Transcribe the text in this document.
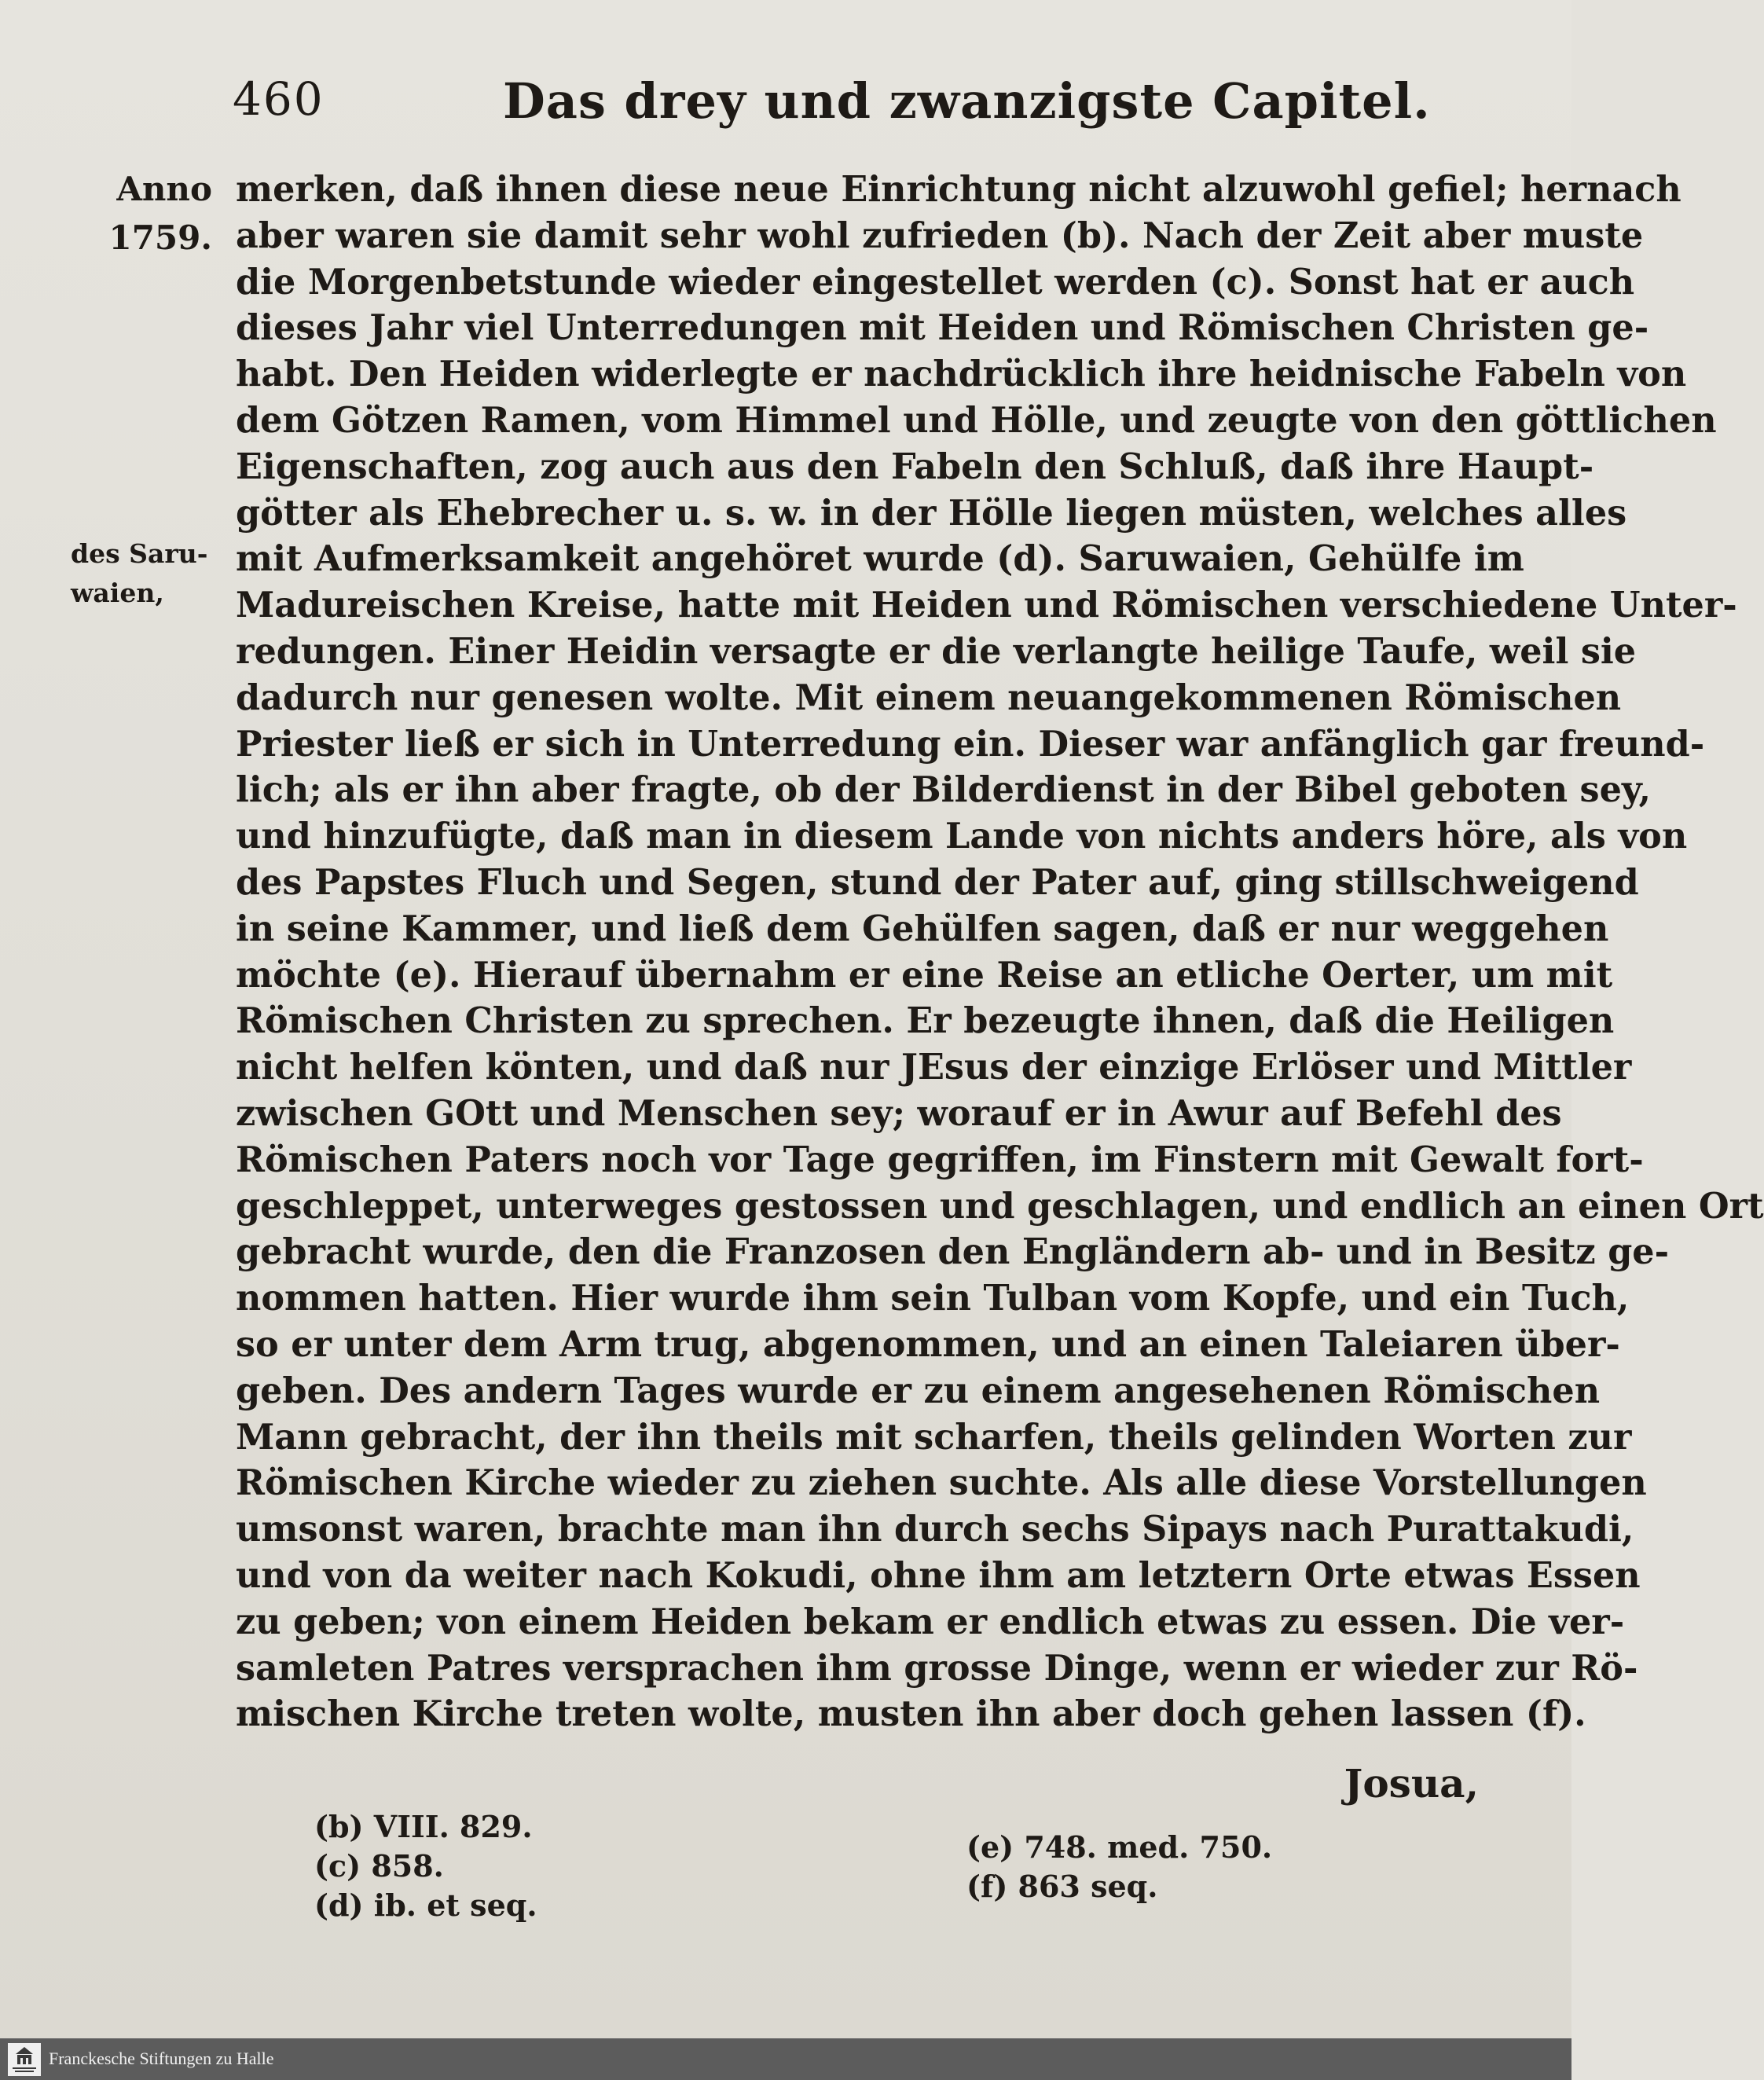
460	Das drey und zwanzigste Capitel.
Anno
1759.
des Saru-
waien,
merken, daß ihnen diese neue Einrichtung nicht alzuwohl gefiel; hernach
aber waren sie damit sehr wohl zufrieden (b). Nach der Zeit aber muste
die Morgenbetstunde wieder eingestellet werden (c). Sonst hat er auch
dieses Jahr viel Unterredungen mit Heiden und Römischen Christen ge-
habt. Den Heiden widerlegte er nachdrücklich ihre heidnische Fabeln von
dem Götzen Ramen, vom Himmel und Hölle, und zeugte von den göttlichen
Eigenschaften, zog auch aus den Fabeln den Schluß, daß ihre Haupt-
götter als Ehebrecher u. s. w. in der Hölle liegen müsten, welches alles
mit Aufmerksamkeit angehöret wurde (d). Saruwaien, Gehülfe im
Madureischen Kreise, hatte mit Heiden und Römischen verschiedene Unter-
redungen. Einer Heidin versagte er die verlangte heilige Taufe, weil sie
dadurch nur genesen wolte. Mit einem neuangekommenen Römischen
Priester ließ er sich in Unterredung ein. Dieser war anfänglich gar freund-
lich; als er ihn aber fragte, ob der Bilderdienst in der Bibel geboten sey,
und hinzufügte, daß man in diesem Lande von nichts anders höre, als von
des Papstes Fluch und Segen, stund der Pater auf, ging stillschweigend
in seine Kammer, und ließ dem Gehülfen sagen, daß er nur weggehen
möchte (e). Hierauf übernahm er eine Reise an etliche Oerter, um mit
Römischen Christen zu sprechen. Er bezeugte ihnen, daß die Heiligen
nicht helfen könten, und daß nur JEsus der einzige Erlöser und Mittler
zwischen GOtt und Menschen sey; worauf er in Awur auf Befehl des
Römischen Paters noch vor Tage gegriffen, im Finstern mit Gewalt fort-
geschleppet, unterweges gestossen und geschlagen, und endlich an einen Ort
gebracht wurde, den die Franzosen den Engländern ab- und in Besitz ge-
nommen hatten. Hier wurde ihm sein Tulban vom Kopfe, und ein Tuch,
so er unter dem Arm trug, abgenommen, und an einen Taleiaren über-
geben. Des andern Tages wurde er zu einem angesehenen Römischen
Mann gebracht, der ihn theils mit scharfen, theils gelinden Worten zur
Römischen Kirche wieder zu ziehen suchte. Als alle diese Vorstellungen
umsonst waren, brachte man ihn durch sechs Sipays nach Purattakudi,
und von da weiter nach Kokudi, ohne ihm am letztern Orte etwas Essen
zu geben; von einem Heiden bekam er endlich etwas zu essen. Die ver-
samleten Patres versprachen ihm grosse Dinge, wenn er wieder zur Rö-
mischen Kirche treten wolte, musten ihn aber doch gehen lassen (f).
Josua,
(b) VIII. 829.
(c) 858.
(d) ib. et seq.
(e) 748. med. 750.
(f) 863 seq.
Franckesche Stiftungen zu Halle
